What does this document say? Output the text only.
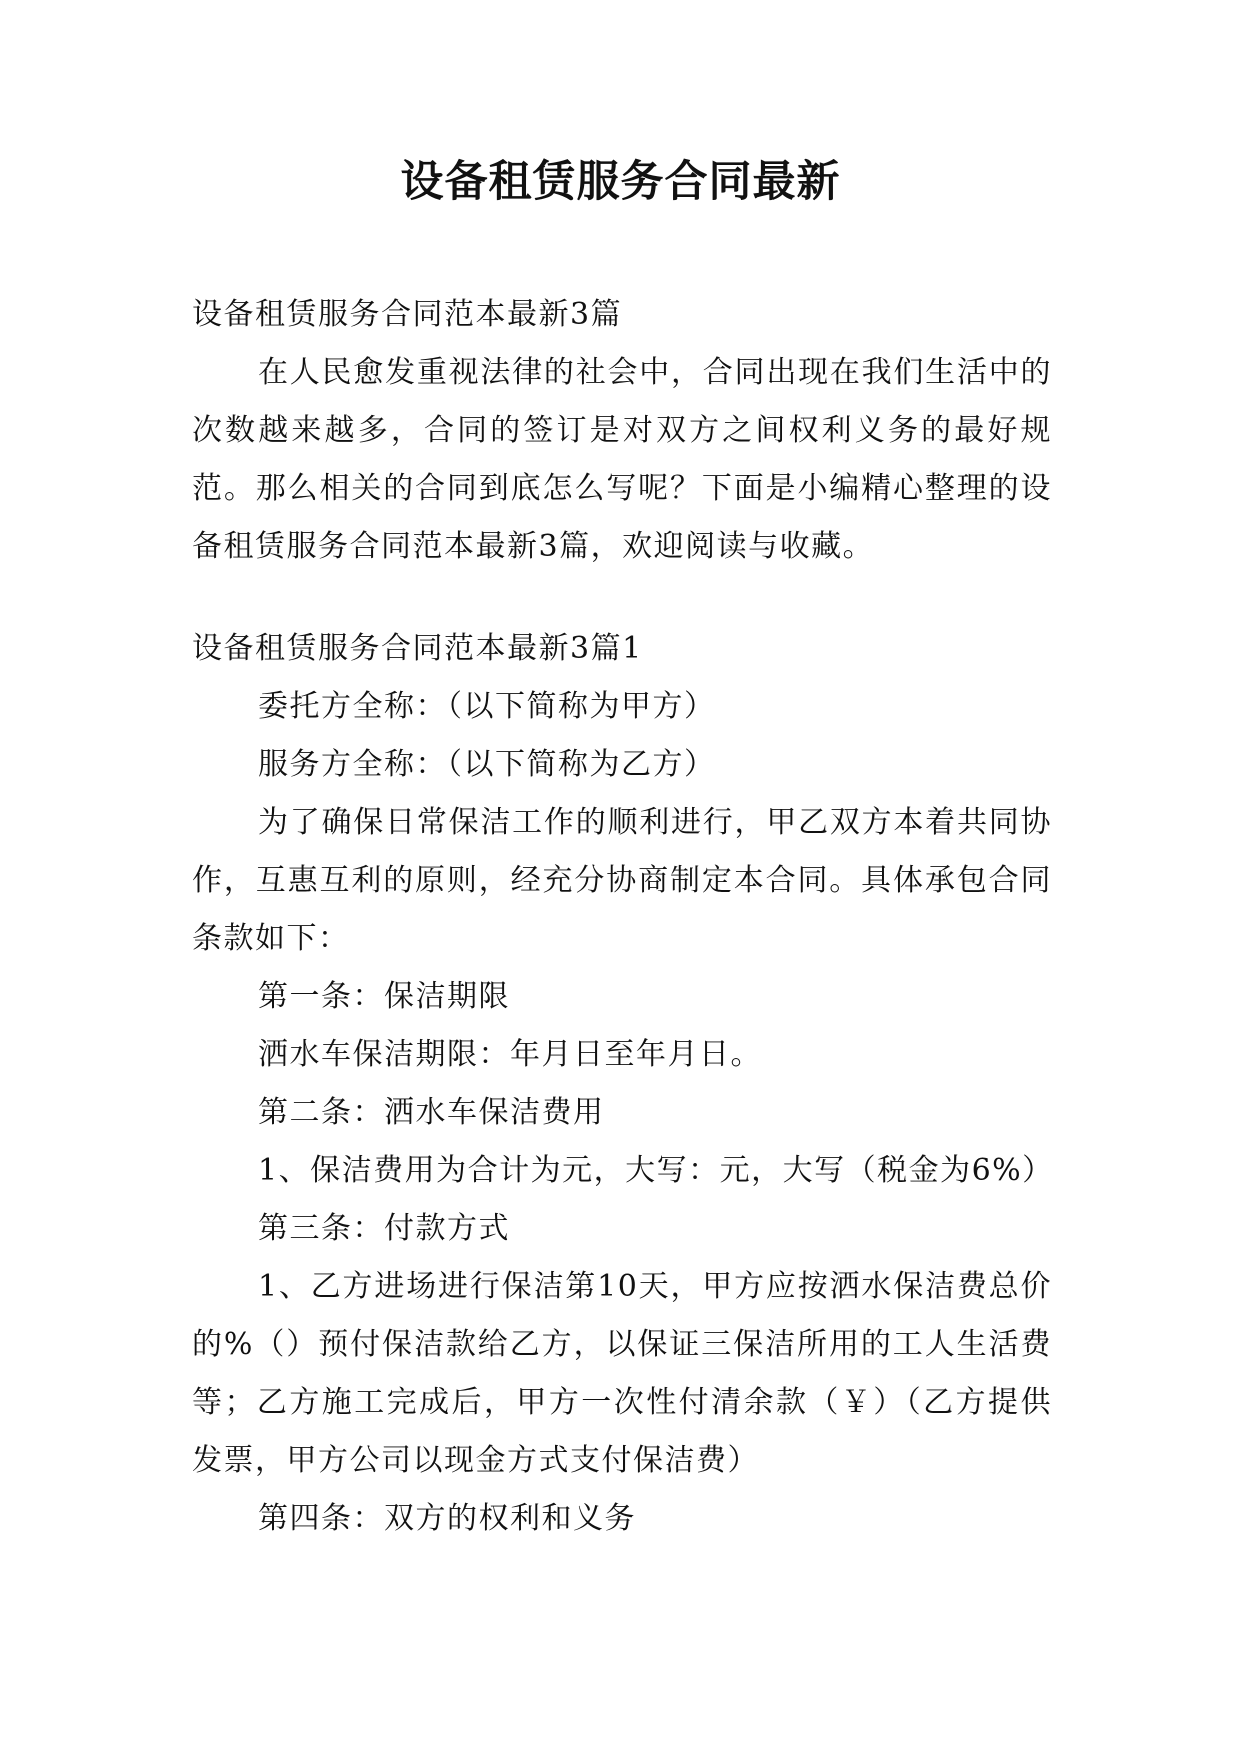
设备租赁服务合同最新

设备租赁服务合同范本最新3篇

在人民愈发重视法律的社会中，合同出现在我们生活中的次数越来越多，合同的签订是对双方之间权利义务的最好规范。那么相关的合同到底怎么写呢？下面是小编精心整理的设备租赁服务合同范本最新3篇，欢迎阅读与收藏。

设备租赁服务合同范本最新3篇1

委托方全称：（以下简称为甲方）

服务方全称：（以下简称为乙方）

为了确保日常保洁工作的顺利进行，甲乙双方本着共同协作，互惠互利的原则，经充分协商制定本合同。具体承包合同条款如下：

第一条：保洁期限

洒水车保洁期限：年月日至年月日。

第二条：洒水车保洁费用

1、保洁费用为合计为元，大写：元，大写（税金为6%）

第三条：付款方式

1、乙方进场进行保洁第10天，甲方应按洒水保洁费总价的%（）预付保洁款给乙方，以保证三保洁所用的工人生活费等；乙方施工完成后，甲方一次性付清余款（￥）（乙方提供发票，甲方公司以现金方式支付保洁费）

第四条：双方的权利和义务
